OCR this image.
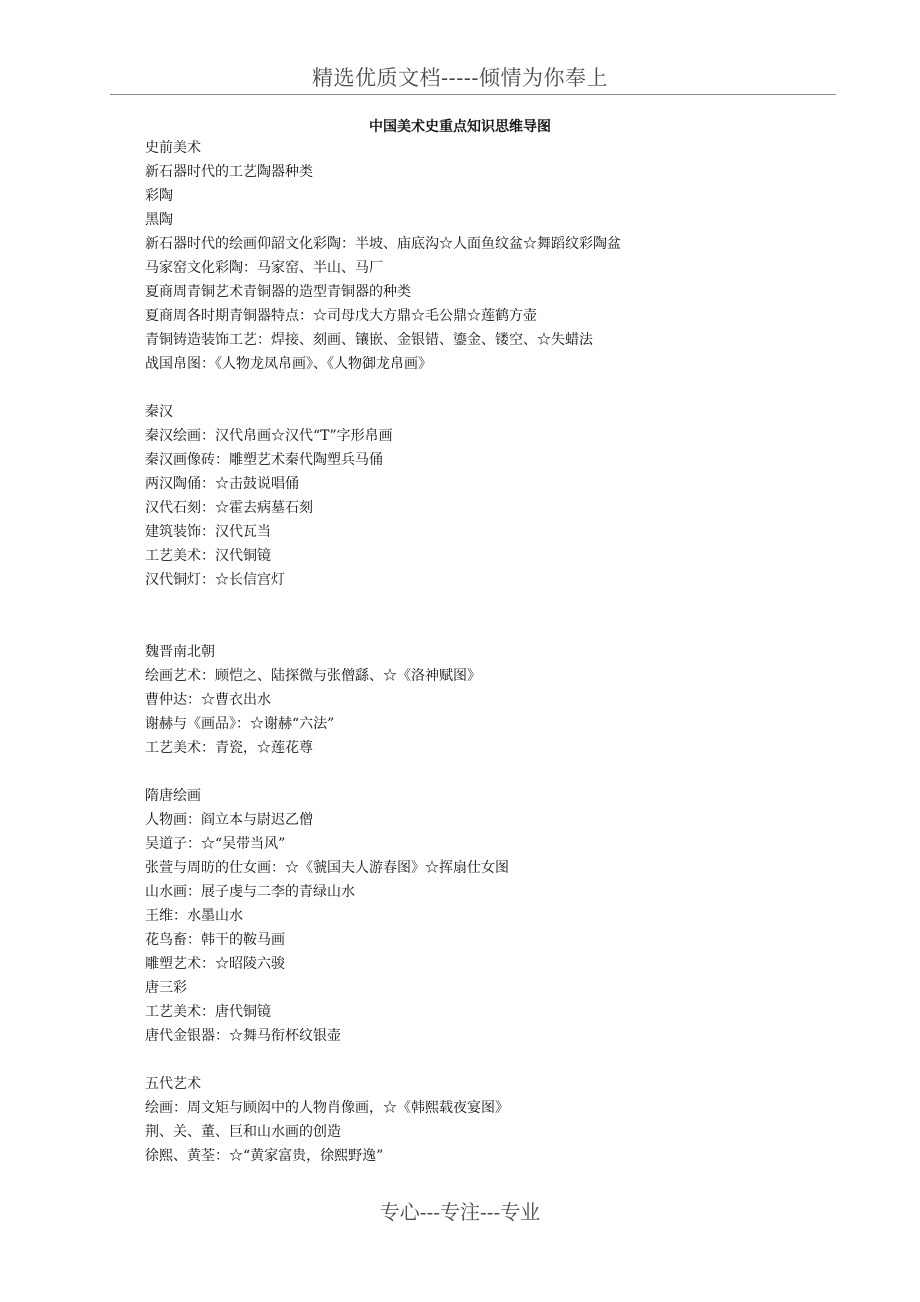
精选优质文档-----倾情为你奉上
中国美术史重点知识思维导图
史前美术
新石器时代的工艺陶器种类
彩陶
黑陶
新石器时代的绘画仰韶文化彩陶：半坡、庙底沟☆人面鱼纹盆☆舞蹈纹彩陶盆
马家窑文化彩陶：马家窑、半山、马厂
夏商周青铜艺术青铜器的造型青铜器的种类
夏商周各时期青铜器特点：☆司母戊大方鼎☆毛公鼎☆莲鹤方壶
青铜铸造装饰工艺：焊接、刻画、镶嵌、金银错、鎏金、镂空、☆失蜡法
战国帛图：《人物龙凤帛画》、《人物御龙帛画》
秦汉
秦汉绘画：汉代帛画☆汉代“T”字形帛画
秦汉画像砖：雕塑艺术秦代陶塑兵马俑
两汉陶俑：☆击鼓说唱俑
汉代石刻：☆霍去病墓石刻
建筑装饰：汉代瓦当
工艺美术：汉代铜镜
汉代铜灯：☆长信宫灯
魏晋南北朝
绘画艺术：顾恺之、陆探微与张僧繇、☆《洛神赋图》
曹仲达：☆曹衣出水
谢赫与《画品》：☆谢赫“六法”
工艺美术：青瓷，☆莲花尊
隋唐绘画
人物画：阎立本与尉迟乙僧
吴道子：☆“吴带当风”
张萱与周昉的仕女画：☆《虢国夫人游春图》☆挥扇仕女图
山水画：展子虔与二李的青绿山水
王维：水墨山水
花鸟畜：韩干的鞍马画
雕塑艺术：☆昭陵六骏
唐三彩
工艺美术：唐代铜镜
唐代金银器：☆舞马衔杯纹银壶
五代艺术
绘画：周文矩与顾闳中的人物肖像画，☆《韩熙载夜宴图》
荆、关、董、巨和山水画的创造
徐熙、黄荃：☆“黄家富贵，徐熙野逸”
专心---专注---专业
